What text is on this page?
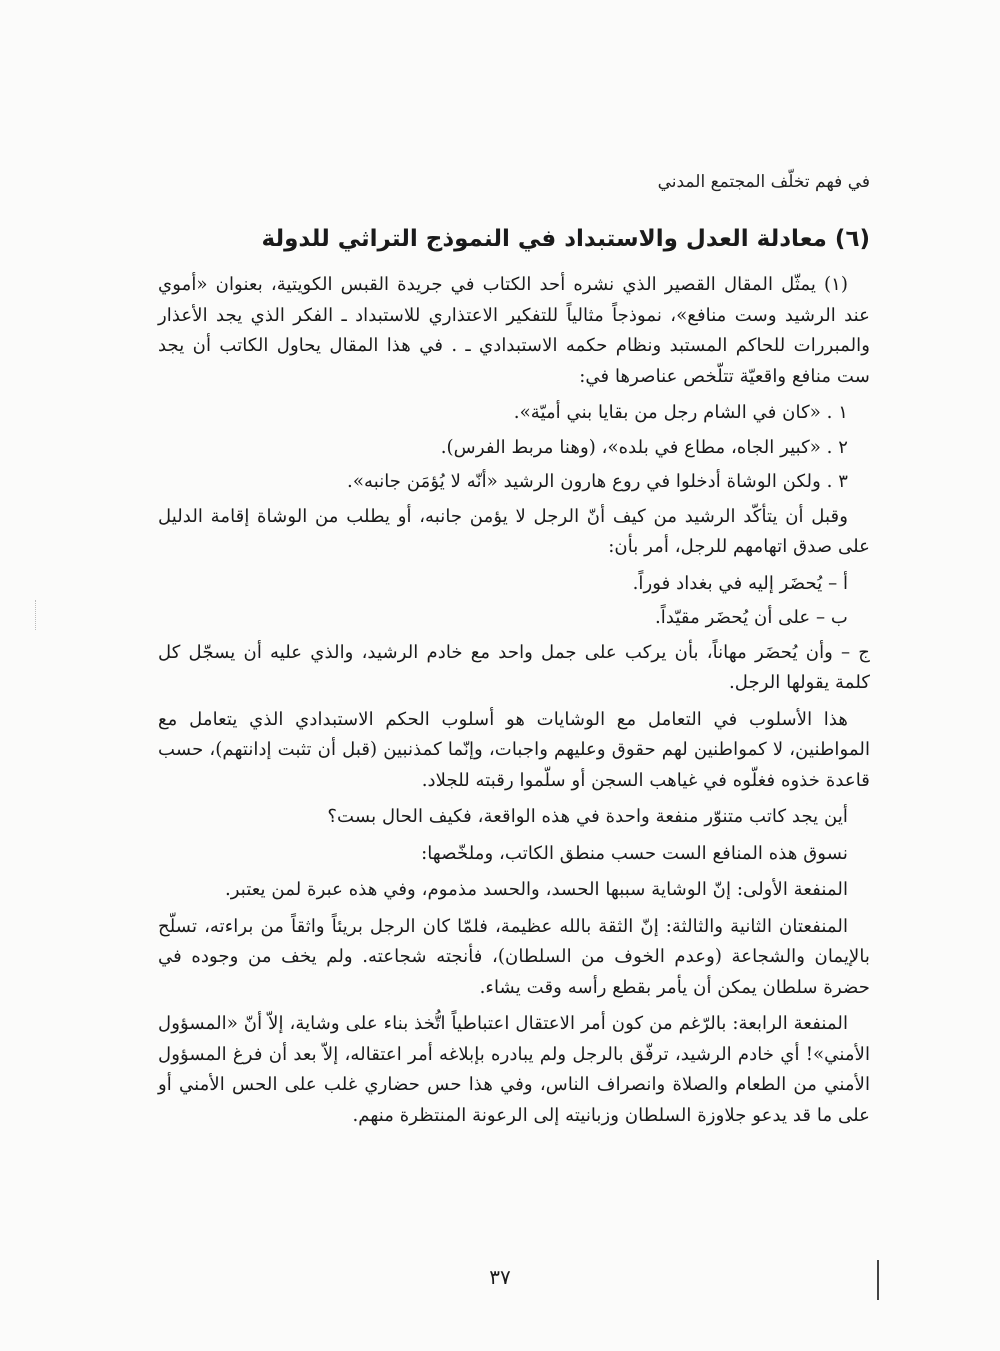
في فهم تخلّف المجتمع المدني
(٦) معادلة العدل والاستبداد في النموذج التراثي للدولة

(١) يمثّل المقال القصير الذي نشره أحد الكتاب في جريدة القبس الكويتية، بعنوان «أموي عند الرشيد وست منافع»، نموذجاً مثالياً للتفكير الاعتذاري للاستبداد ـ الفكر الذي يجد الأعذار والمبررات للحاكم المستبد ونظام حكمه الاستبدادي ـ . في هذا المقال يحاول الكاتب أن يجد ست منافع واقعيّة تتلّخص عناصرها في:

١ . «كان في الشام رجل من بقايا بني أميّة».

٢ . «كبير الجاه، مطاع في بلده»، (وهنا مربط الفرس).

٣ . ولكن الوشاة أدخلوا في روع هارون الرشيد «أنّه لا يُؤمَن جانبه».

وقبل أن يتأكّد الرشيد من كيف أنّ الرجل لا يؤمن جانبه، أو يطلب من الوشاة إقامة الدليل على صدق اتهامهم للرجل، أمر بأن:

أ – يُحضَر إليه في بغداد فوراً.

ب – على أن يُحضَر مقيّداً.

ج – وأن يُحضَر مهاناً، بأن يركب على جمل واحد مع خادم الرشيد، والذي عليه أن يسجّل كل كلمة يقولها الرجل.

هذا الأسلوب في التعامل مع الوشايات هو أسلوب الحكم الاستبدادي الذي يتعامل مع المواطنين، لا كمواطنين لهم حقوق وعليهم واجبات، وإنّما كمذنبين (قبل أن تثبت إدانتهم)، حسب قاعدة خذوه فغلّوه في غياهب السجن أو سلّموا رقبته للجلاد.

أين يجد كاتب متنوّر منفعة واحدة في هذه الواقعة، فكيف الحال بست؟

نسوق هذه المنافع الست حسب منطق الكاتب، وملخّصها:

المنفعة الأولى: إنّ الوشاية سببها الحسد، والحسد مذموم، وفي هذه عبرة لمن يعتبر.

المنفعتان الثانية والثالثة: إنّ الثقة بالله عظيمة، فلمّا كان الرجل بريئاً واثقاً من براءته، تسلّح بالإيمان والشجاعة (وعدم الخوف من السلطان)، فأنجته شجاعته. ولم يخف من وجوده في حضرة سلطان يمكن أن يأمر بقطع رأسه وقت يشاء.

المنفعة الرابعة: بالرّغم من كون أمر الاعتقال اعتباطياً اتُّخذ بناء على وشاية، إلاّ أنّ «المسؤول الأمني»! أي خادم الرشيد، ترفّق بالرجل ولم يبادره بإبلاغه أمر اعتقاله، إلاّ بعد أن فرغ المسؤول الأمني من الطعام والصلاة وانصراف الناس، وفي هذا حس حضاري غلب على الحس الأمني أو على ما قد يدعو جلاوزة السلطان وزبانيته إلى الرعونة المنتظرة منهم.

٣٧
